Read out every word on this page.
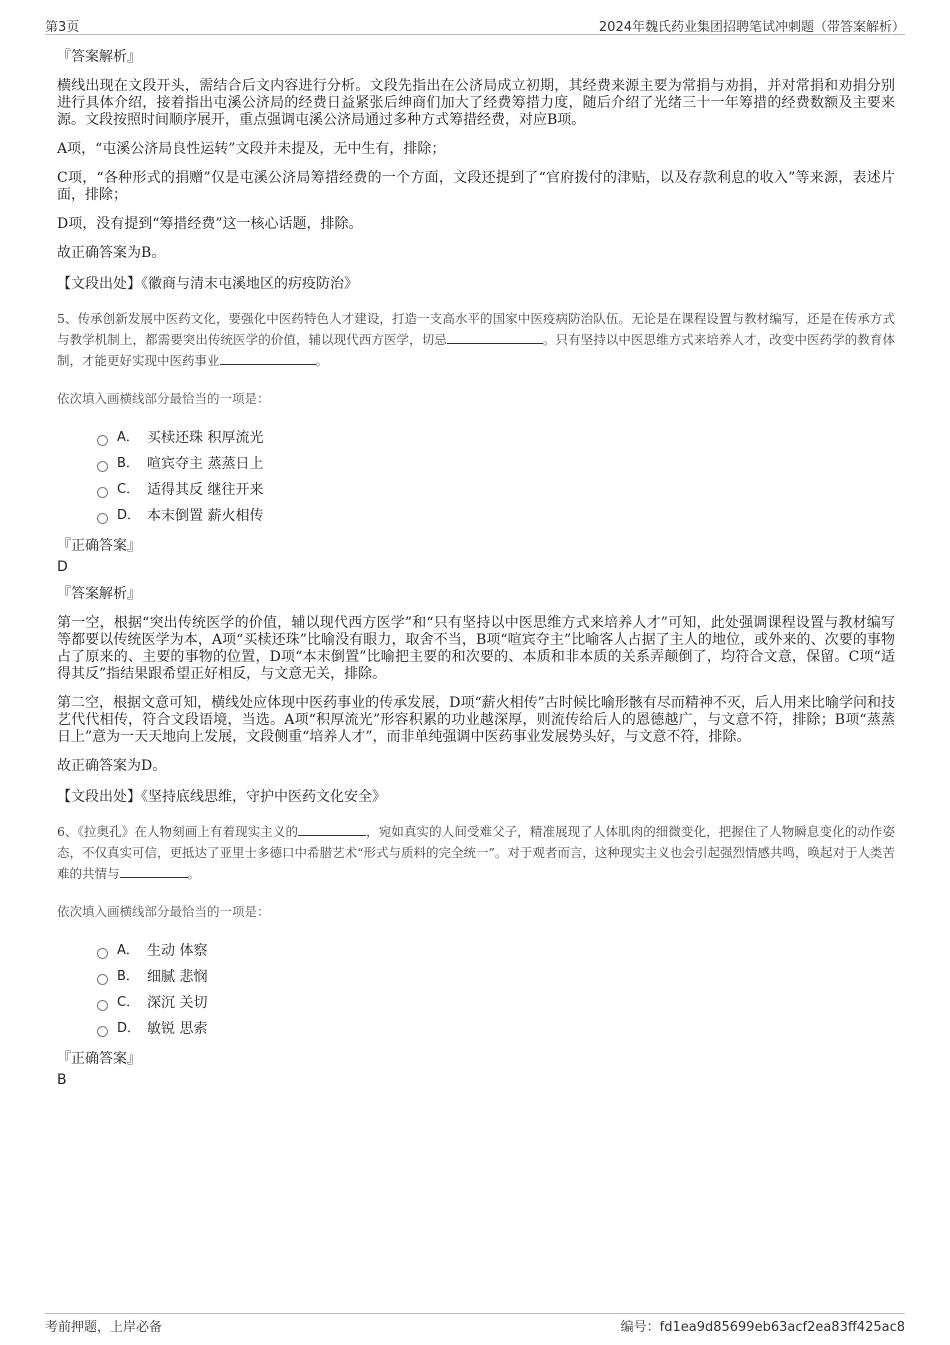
第3页	2024年魏氏药业集团招聘笔试冲刺题（带答案解析）

『答案解析』

横线出现在文段开头，需结合后文内容进行分析。文段先指出在公济局成立初期，其经费来源主要为常捐与劝捐，并对常捐和劝捐分别进行具体介绍，接着指出屯溪公济局的经费日益紧张后绅商们加大了经费筹措力度，随后介绍了光绪三十一年筹措的经费数额及主要来源。文段按照时间顺序展开，重点强调屯溪公济局通过多种方式筹措经费，对应B项。

A项，“屯溪公济局良性运转”文段并未提及，无中生有，排除；

C项，“各种形式的捐赠”仅是屯溪公济局筹措经费的一个方面，文段还提到了“官府拨付的津贴，以及存款利息的收入”等来源，表述片面，排除；

D项，没有提到“筹措经费”这一核心话题，排除。

故正确答案为B。

【文段出处】《徽商与清末屯溪地区的疠疫防治》

5、传承创新发展中医药文化，要强化中医药特色人才建设，打造一支高水平的国家中医疫病防治队伍。无论是在课程设置与教材编写，还是在传承方式与教学机制上，都需要突出传统医学的价值，辅以现代西方医学，切忌	。只有坚持以中医思维方式来培养人才，改变中医药学的教育体制，才能更好实现中医药事业	。

依次填入画横线部分最恰当的一项是：

A． 买椟还珠 积厚流光
B． 喧宾夺主 蒸蒸日上
C． 适得其反 继往开来
D． 本末倒置 薪火相传

『正确答案』

D

『答案解析』

第一空，根据“突出传统医学的价值，辅以现代西方医学”和“只有坚持以中医思维方式来培养人才”可知，此处强调课程设置与教材编写等都要以传统医学为本，A项“买椟还珠”比喻没有眼力，取舍不当，B项“喧宾夺主”比喻客人占据了主人的地位，或外来的、次要的事物占了原来的、主要的事物的位置，D项“本末倒置”比喻把主要的和次要的、本质和非本质的关系弄颠倒了，均符合文意，保留。C项“适得其反”指结果跟希望正好相反，与文意无关，排除。

第二空，根据文意可知，横线处应体现中医药事业的传承发展，D项“薪火相传”古时候比喻形骸有尽而精神不灭，后人用来比喻学问和技艺代代相传，符合文段语境，当选。A项“积厚流光”形容积累的功业越深厚，则流传给后人的恩德越广，与文意不符，排除；B项“蒸蒸日上”意为一天天地向上发展，文段侧重“培养人才”，而非单纯强调中医药事业发展势头好，与文意不符，排除。

故正确答案为D。

【文段出处】《坚持底线思维，守护中医药文化安全》

6、《拉奥孔》在人物刻画上有着现实主义的	，宛如真实的人间受难父子，精准展现了人体肌肉的细微变化，把握住了人物瞬息变化的动作姿态，不仅真实可信，更抵达了亚里士多德口中希腊艺术“形式与质料的完全统一”。对于观者而言，这种现实主义也会引起强烈情感共鸣，唤起对于人类苦难的共情与	。

依次填入画横线部分最恰当的一项是：

A． 生动 体察
B． 细腻 悲悯
C． 深沉 关切
D． 敏锐 思索

『正确答案』

B

考前押题，上岸必备	编号：fd1ea9d85699eb63acf2ea83ff425ac8
